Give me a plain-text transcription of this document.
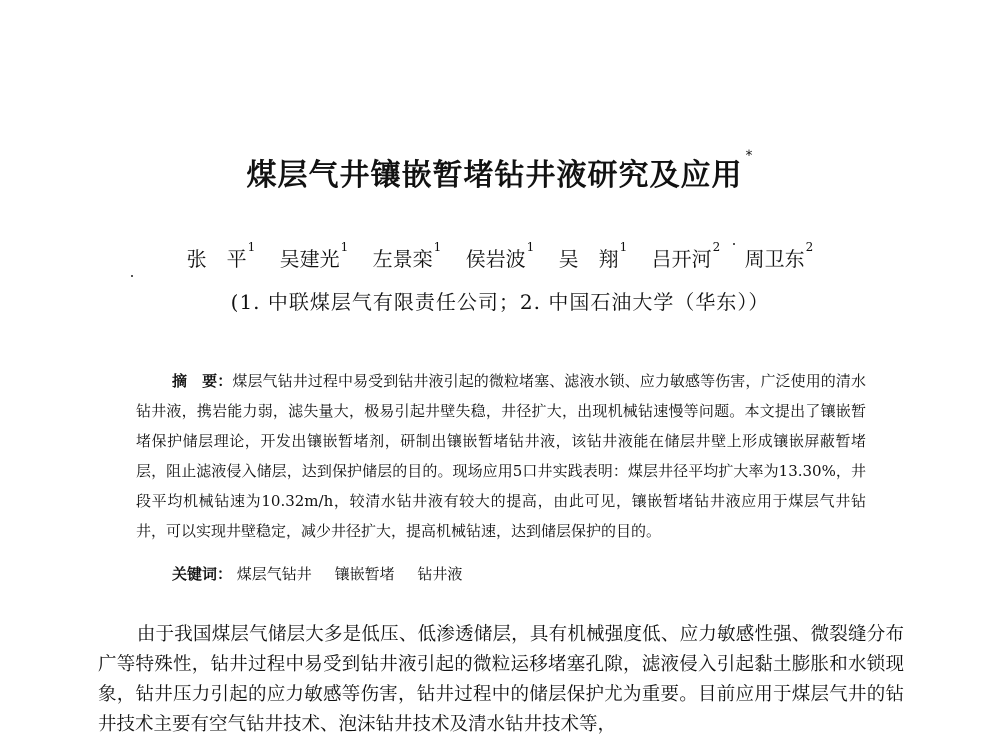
煤层气井镶嵌暂堵钻井液研究及应用*
张　平$^1$ 吴建光$^1$ 左景栾$^1$ 侯岩波$^1$ 吴　翔$^1$ 吕开河$^2$ 周卫东$^2$
(1. 中联煤层气有限责任公司；2. 中国石油大学（华东））
摘　要：煤层气钻井过程中易受到钻井液引起的微粒堵塞、滤液水锁、应力敏感等伤害，广泛使用的清水钻井液，携岩能力弱，滤失量大，极易引起井壁失稳，井径扩大，出现机械钻速慢等问题。本文提出了镶嵌暂堵保护储层理论，开发出镶嵌暂堵剂，研制出镶嵌暂堵钻井液，该钻井液能在储层井壁上形成镶嵌屏蔽暂堵层，阻止滤液侵入储层，达到保护储层的目的。现场应用5口井实践表明：煤层井径平均扩大率为13.30%，井段平均机械钻速为10.32m/h，较清水钻井液有较大的提高，由此可见，镶嵌暂堵钻井液应用于煤层气井钻井，可以实现井壁稳定，减少井径扩大，提高机械钻速，达到储层保护的目的。
关键词： 煤层气钻井 镶嵌暂堵 钻井液
由于我国煤层气储层大多是低压、低渗透储层，具有机械强度低、应力敏感性强、微裂缝分布广等特殊性，钻井过程中易受到钻井液引起的微粒运移堵塞孔隙，滤液侵入引起黏土膨胀和水锁现象，钻井压力引起的应力敏感等伤害，钻井过程中的储层保护尤为重要。目前应用于煤层气井的钻井技术主要有空气钻井技术、泡沫钻井技术及清水钻井技术等，
